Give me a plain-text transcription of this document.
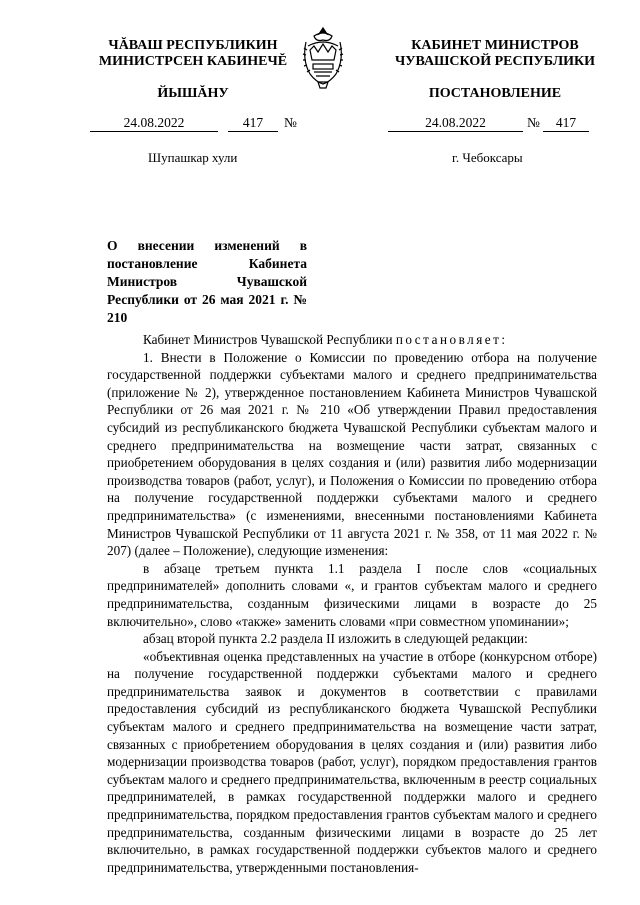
ЧĂВАШ РЕСПУБЛИКИН
МИНИСТРСЕН КАБИНЕЧĔ
КАБИНЕТ МИНИСТРОВ
ЧУВАШСКОЙ РЕСПУБЛИКИ
ЙЫШĂНУ	ПОСТАНОВЛЕНИЕ
24.08.2022	417	№	24.08.2022	№	417
Шупашкар хули	г. Чебоксары
О внесении изменений в постановление Кабинета Министров Чувашской Республики от 26 мая 2021 г. № 210

Кабинет Министров Чувашской Республики постановляет:

1. Внести в Положение о Комиссии по проведению отбора на получение государственной поддержки субъектами малого и среднего предпринимательства (приложение № 2), утвержденное постановлением Кабинета Министров Чувашской Республики от 26 мая 2021 г. № 210 «Об утверждении Правил предоставления субсидий из республиканского бюджета Чувашской Республики субъектам малого и среднего предпринимательства на возмещение части затрат, связанных с приобретением оборудования в целях создания и (или) развития либо модернизации производства товаров (работ, услуг), и Положения о Комиссии по проведению отбора на получение государственной поддержки субъектами малого и среднего предпринимательства» (с изменениями, внесенными постановлениями Кабинета Министров Чувашской Республики от 11 августа 2021 г. № 358, от 11 мая 2022 г. № 207) (далее – Положение), следующие изменения:

в абзаце третьем пункта 1.1 раздела I после слов «социальных предпринимателей» дополнить словами «, и грантов субъектам малого и среднего предпринимательства, созданным физическими лицами в возрасте до 25 включительно», слово «также» заменить словами «при совместном упоминании»;

абзац второй пункта 2.2 раздела II изложить в следующей редакции:

«объективная оценка представленных на участие в отборе (конкурсном отборе) на получение государственной поддержки субъектами малого и среднего предпринимательства заявок и документов в соответствии с правилами предоставления субсидий из республиканского бюджета Чувашской Республики субъектам малого и среднего предпринимательства на возмещение части затрат, связанных с приобретением оборудования в целях создания и (или) развития либо модернизации производства товаров (работ, услуг), порядком предоставления грантов субъектам малого и среднего предпринимательства, включенным в реестр социальных предпринимателей, в рамках государственной поддержки малого и среднего предпринимательства, порядком предоставления грантов субъектам малого и среднего предпринимательства, созданным физическими лицами в возрасте до 25 лет включительно, в рамках государственной поддержки субъектов малого и среднего предпринимательства, утвержденными постановления-
